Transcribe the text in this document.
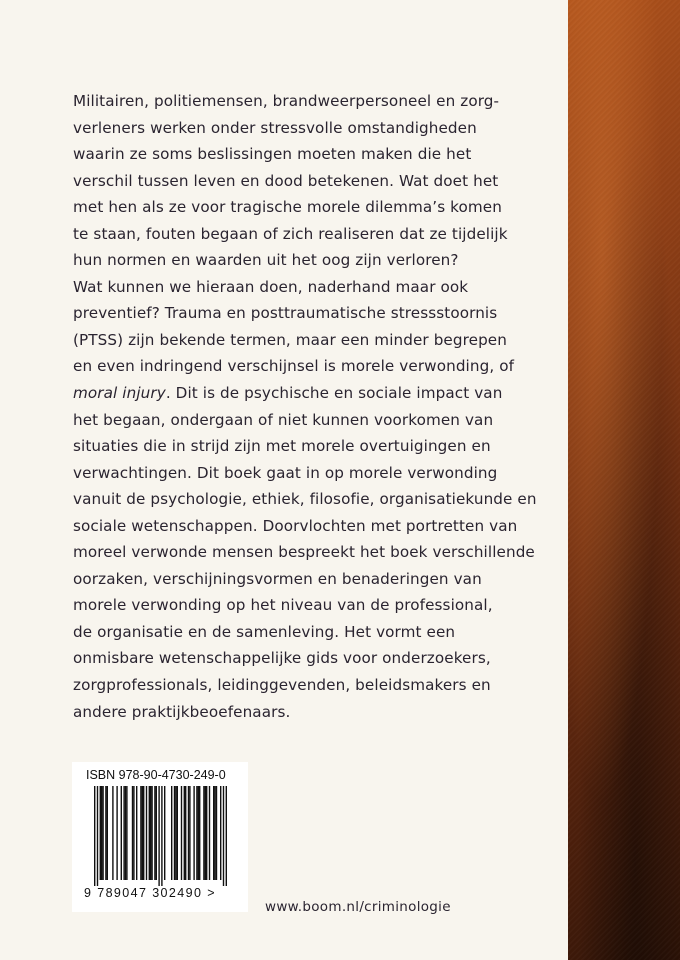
Militairen, politiemensen, brandweerpersoneel en zorg-
verleners werken onder stressvolle omstandigheden
waarin ze soms beslissingen moeten maken die het
verschil tussen leven en dood betekenen. Wat doet het
met hen als ze voor tragische morele dilemma’s komen
te staan, fouten begaan of zich realiseren dat ze tijdelijk
hun normen en waarden uit het oog zijn verloren?
Wat kunnen we hieraan doen, naderhand maar ook
preventief? Trauma en posttraumatische stressstoornis
(PTSS) zijn bekende termen, maar een minder begrepen
en even indringend verschijnsel is morele verwonding, of
moral injury. Dit is de psychische en sociale impact van
het begaan, ondergaan of niet kunnen voorkomen van
situaties die in strijd zijn met morele overtuigingen en
verwachtingen. Dit boek gaat in op morele verwonding
vanuit de psychologie, ethiek, filosofie, organisatiekunde en
sociale wetenschappen. Doorvlochten met portretten van
moreel verwonde mensen bespreekt het boek verschillende
oorzaken, verschijningsvormen en benaderingen van
morele verwonding op het niveau van de professional,
de organisatie en de samenleving. Het vormt een
onmisbare wetenschappelijke gids voor onderzoekers,
zorgprofessionals, leidinggevenden, beleidsmakers en
andere praktijkbeoefenaars.

ISBN 978-90-4730-249-0
9 789047 302490 >
www.boom.nl/criminologie
